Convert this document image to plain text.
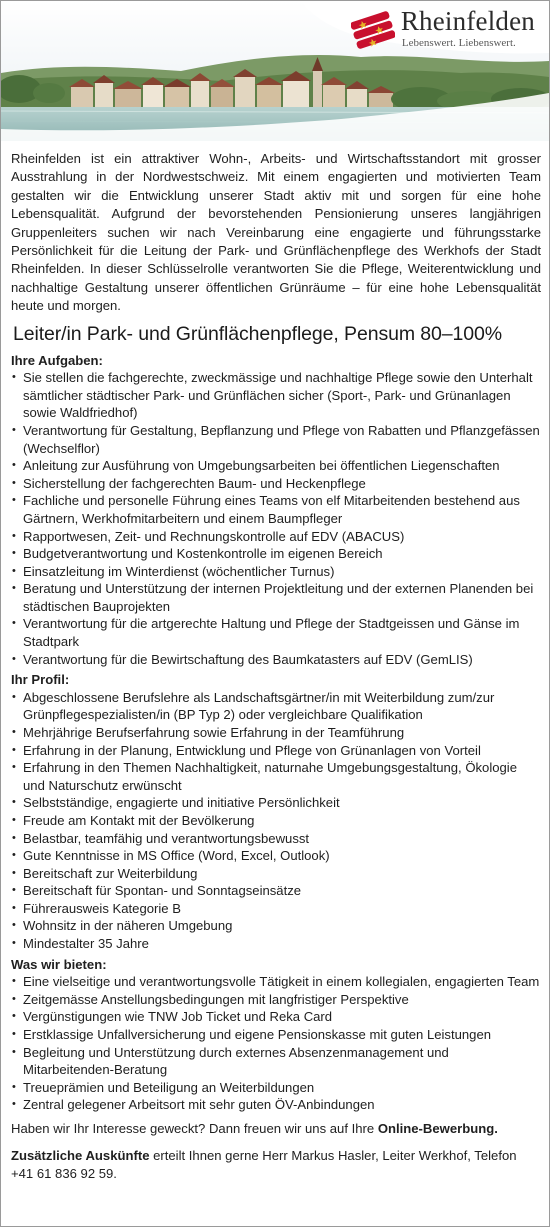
Rheinfelden
Lebenswert. Liebenswert.

Rheinfelden ist ein attraktiver Wohn-, Arbeits- und Wirtschaftsstandort mit grosser Ausstrahlung in der Nordwestschweiz. Mit einem engagierten und motivierten Team gestalten wir die Entwicklung unserer Stadt aktiv mit und sorgen für eine hohe Lebensqualität. Aufgrund der bevorstehenden Pensionierung unseres langjährigen Gruppenleiters suchen wir nach Vereinbarung eine engagierte und führungsstarke Persönlichkeit für die Leitung der Park- und Grünflächenpflege des Werkhofs der Stadt Rheinfelden. In dieser Schlüsselrolle verantworten Sie die Pflege, Weiterentwicklung und nachhaltige Gestaltung unserer öffentlichen Grünräume – für eine hohe Lebensqualität heute und morgen.

Leiter/in Park- und Grünflächenpflege, Pensum 80–100%
Ihre Aufgaben:
• Sie stellen die fachgerechte, zweckmässige und nachhaltige Pflege sowie den Unterhalt sämtlicher städtischer Park- und Grünflächen sicher (Sport-, Park- und Grünanlagen sowie Waldfriedhof)
• Verantwortung für Gestaltung, Bepflanzung und Pflege von Rabatten und Pflanzgefässen (Wechselflor)
• Anleitung zur Ausführung von Umgebungsarbeiten bei öffentlichen Liegenschaften
• Sicherstellung der fachgerechten Baum- und Heckenpflege
• Fachliche und personelle Führung eines Teams von elf Mitarbeitenden bestehend aus Gärtnern, Werkhofmitarbeitern und einem Baumpfleger
• Rapportwesen, Zeit- und Rechnungskontrolle auf EDV (ABACUS)
• Budgetverantwortung und Kostenkontrolle im eigenen Bereich
• Einsatzleitung im Winterdienst (wöchentlicher Turnus)
• Beratung und Unterstützung der internen Projektleitung und der externen Planenden bei städtischen Bauprojekten
• Verantwortung für die artgerechte Haltung und Pflege der Stadtgeissen und Gänse im Stadtpark
• Verantwortung für die Bewirtschaftung des Baumkatasters auf EDV (GemLIS)
Ihr Profil:
• Abgeschlossene Berufslehre als Landschaftsgärtner/in mit Weiterbildung zum/zur Grünpflegespezialisten/in (BP Typ 2) oder vergleichbare Qualifikation
• Mehrjährige Berufserfahrung sowie Erfahrung in der Teamführung
• Erfahrung in der Planung, Entwicklung und Pflege von Grünanlagen von Vorteil
• Erfahrung in den Themen Nachhaltigkeit, naturnahe Umgebungsgestaltung, Ökologie und Naturschutz erwünscht
• Selbstständige, engagierte und initiative Persönlichkeit
• Freude am Kontakt mit der Bevölkerung
• Belastbar, teamfähig und verantwortungsbewusst
• Gute Kenntnisse in MS Office (Word, Excel, Outlook)
• Bereitschaft zur Weiterbildung
• Bereitschaft für Spontan- und Sonntagseinsätze
• Führerausweis Kategorie B
• Wohnsitz in der näheren Umgebung
• Mindestalter 35 Jahre
Was wir bieten:
• Eine vielseitige und verantwortungsvolle Tätigkeit in einem kollegialen, engagierten Team
• Zeitgemässe Anstellungsbedingungen mit langfristiger Perspektive
• Vergünstigungen wie TNW Job Ticket und Reka Card
• Erstklassige Unfallversicherung und eigene Pensionskasse mit guten Leistungen
• Begleitung und Unterstützung durch externes Absenzenmanagement und Mitarbeitenden-Beratung
• Treueprämien und Beteiligung an Weiterbildungen
• Zentral gelegener Arbeitsort mit sehr guten ÖV-Anbindungen

Haben wir Ihr Interesse geweckt? Dann freuen wir uns auf Ihre Online-Bewerbung.

Zusätzliche Auskünfte erteilt Ihnen gerne Herr Markus Hasler, Leiter Werkhof, Telefon +41 61 836 92 59.
